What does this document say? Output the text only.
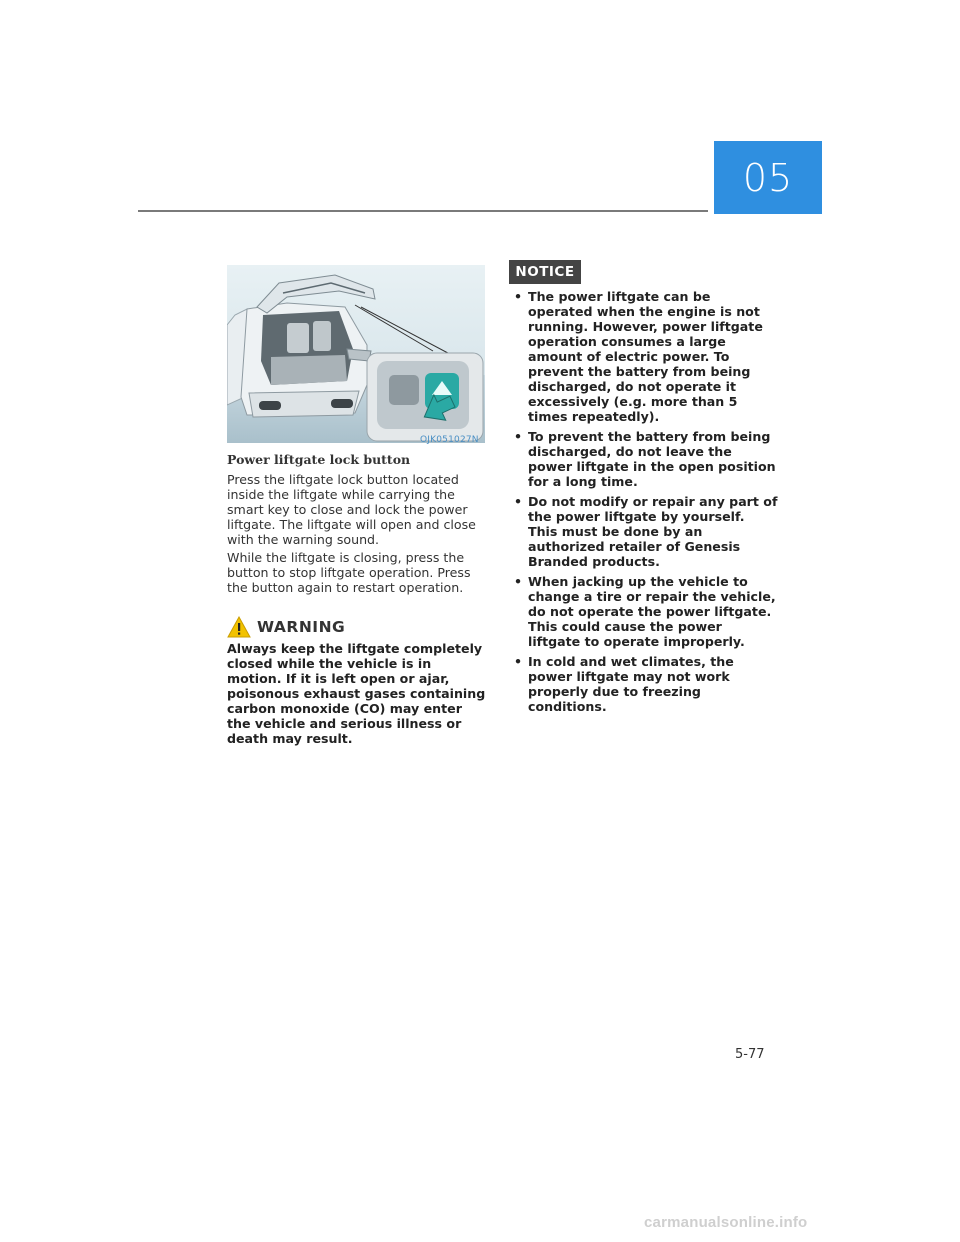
05
OJK051027N
Power liftgate lock button
Press the liftgate lock button located inside the liftgate while carrying the smart key to close and lock the power liftgate. The liftgate will open and close with the warning sound.
While the liftgate is closing, press the button to stop liftgate operation. Press the button again to restart operation.
WARNING
Always keep the liftgate completely closed while the vehicle is in motion. If it is left open or ajar, poisonous exhaust gases containing carbon monoxide (CO) may enter the vehicle and serious illness or death may result.
NOTICE
• The power liftgate can be operated when the engine is not running. However, power liftgate operation consumes a large amount of electric power. To prevent the battery from being discharged, do not operate it excessively (e.g. more than 5 times repeatedly).
• To prevent the battery from being discharged, do not leave the power liftgate in the open position for a long time.
• Do not modify or repair any part of the power liftgate by yourself. This must be done by an authorized retailer of Genesis Branded products.
• When jacking up the vehicle to change a tire or repair the vehicle, do not operate the power liftgate. This could cause the power liftgate to operate improperly.
• In cold and wet climates, the power liftgate may not work properly due to freezing conditions.
5-77
carmanualsonline.info
